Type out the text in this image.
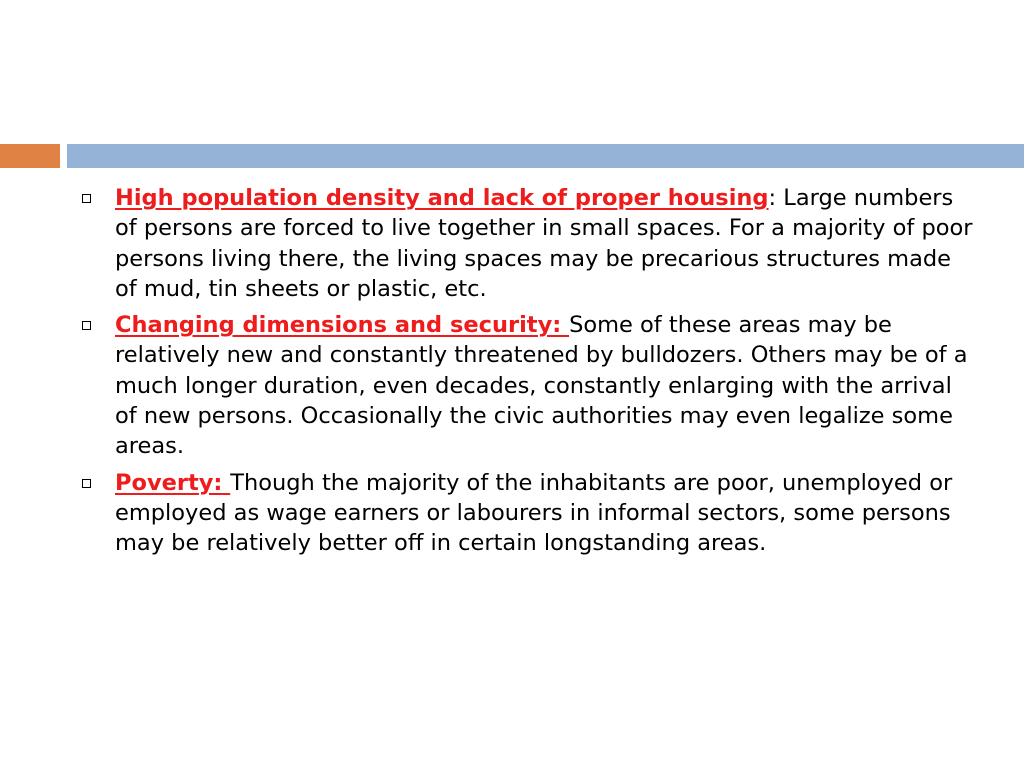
High population density and lack of proper housing: Large numbers of persons are forced to live together in small spaces. For a majority of poor persons living there, the living spaces may be precarious structures made of mud, tin sheets or plastic, etc.
Changing dimensions and security: Some of these areas may be relatively new and constantly threatened by bulldozers. Others may be of a much longer duration, even decades, constantly enlarging with the arrival of new persons. Occasionally the civic authorities may even legalize some areas.
Poverty: Though the majority of the inhabitants are poor, unemployed or employed as wage earners or labourers in informal sectors, some persons may be relatively better off in certain longstanding areas.
